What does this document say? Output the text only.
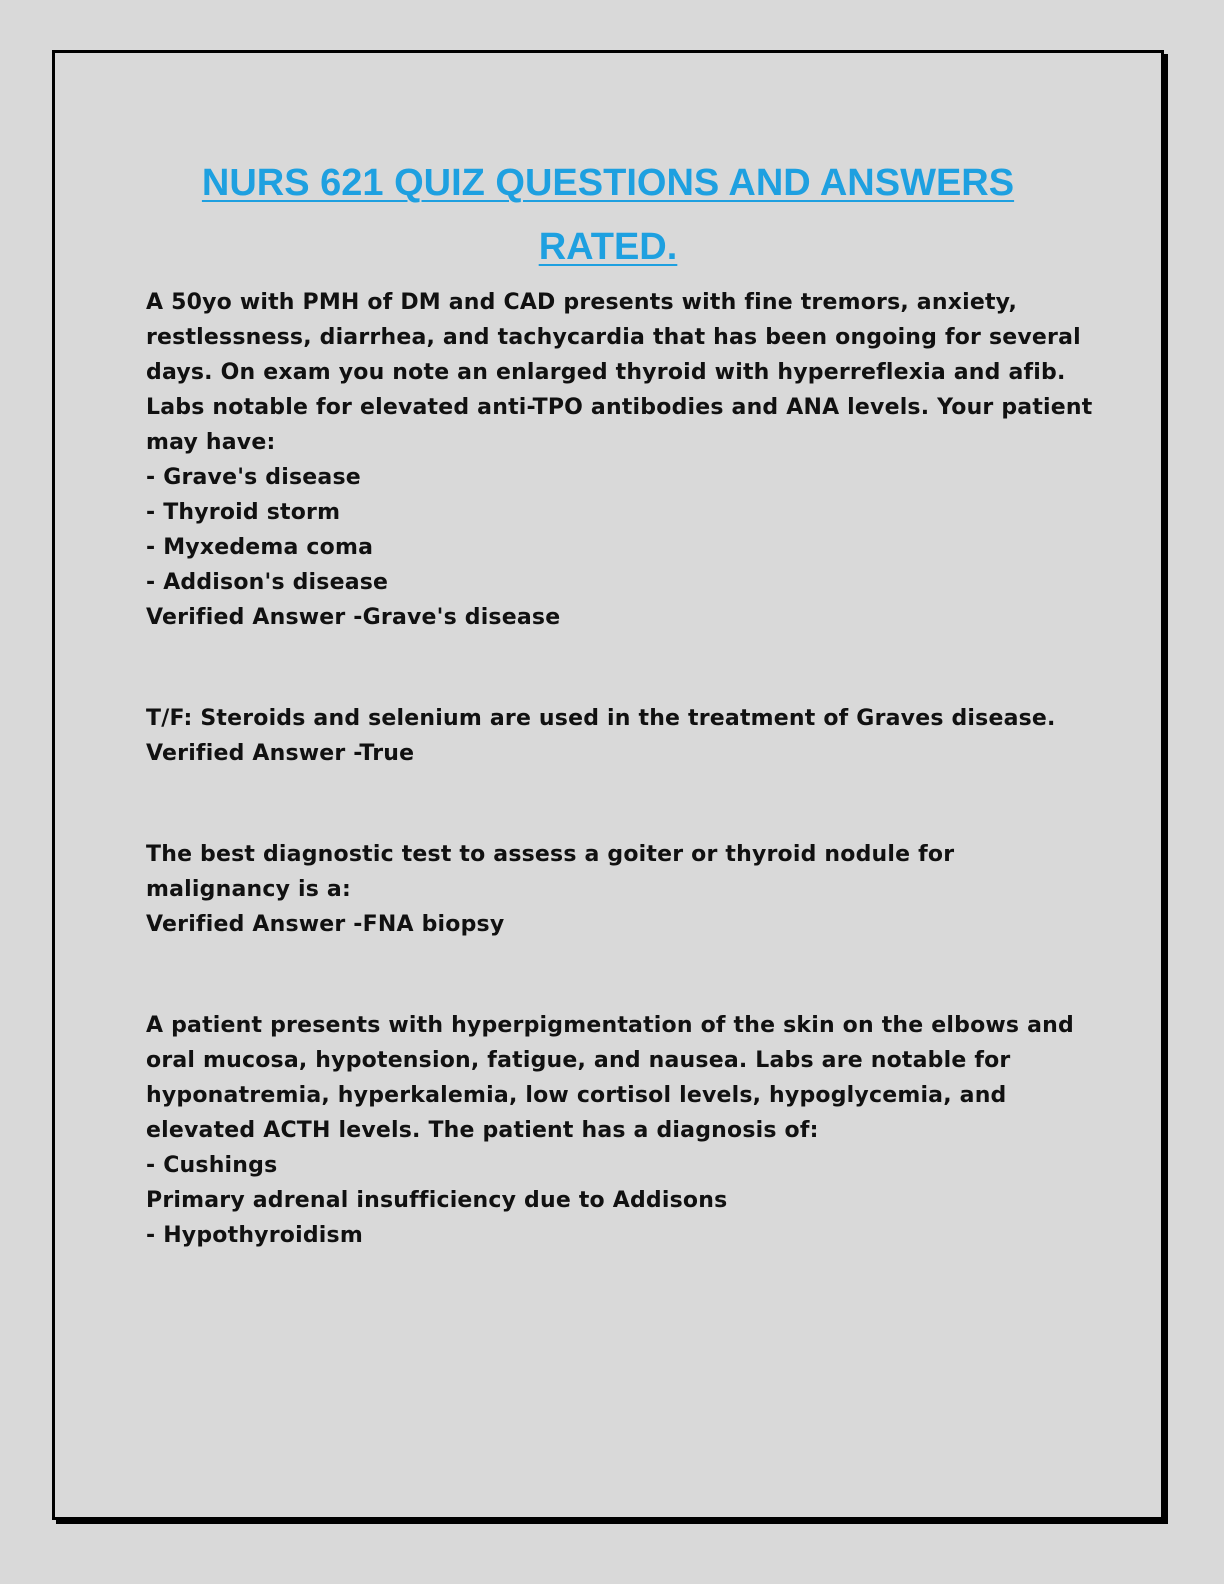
NURS 621 QUIZ QUESTIONS AND ANSWERS
RATED.

A 50yo with PMH of DM and CAD presents with fine tremors, anxiety, restlessness, diarrhea, and tachycardia that has been ongoing for several days. On exam you note an enlarged thyroid with hyperreflexia and afib. Labs notable for elevated anti-TPO antibodies and ANA levels. Your patient may have:

- Grave's disease

- Thyroid storm

- Myxedema coma

- Addison's disease

Verified Answer -Grave's disease

T/F: Steroids and selenium are used in the treatment of Graves disease.

Verified Answer -True

The best diagnostic test to assess a goiter or thyroid nodule for malignancy is a:

Verified Answer -FNA biopsy

A patient presents with hyperpigmentation of the skin on the elbows and oral mucosa, hypotension, fatigue, and nausea. Labs are notable for hyponatremia, hyperkalemia, low cortisol levels, hypoglycemia, and elevated ACTH levels. The patient has a diagnosis of:

- Cushings

Primary adrenal insufficiency due to Addisons

- Hypothyroidism
